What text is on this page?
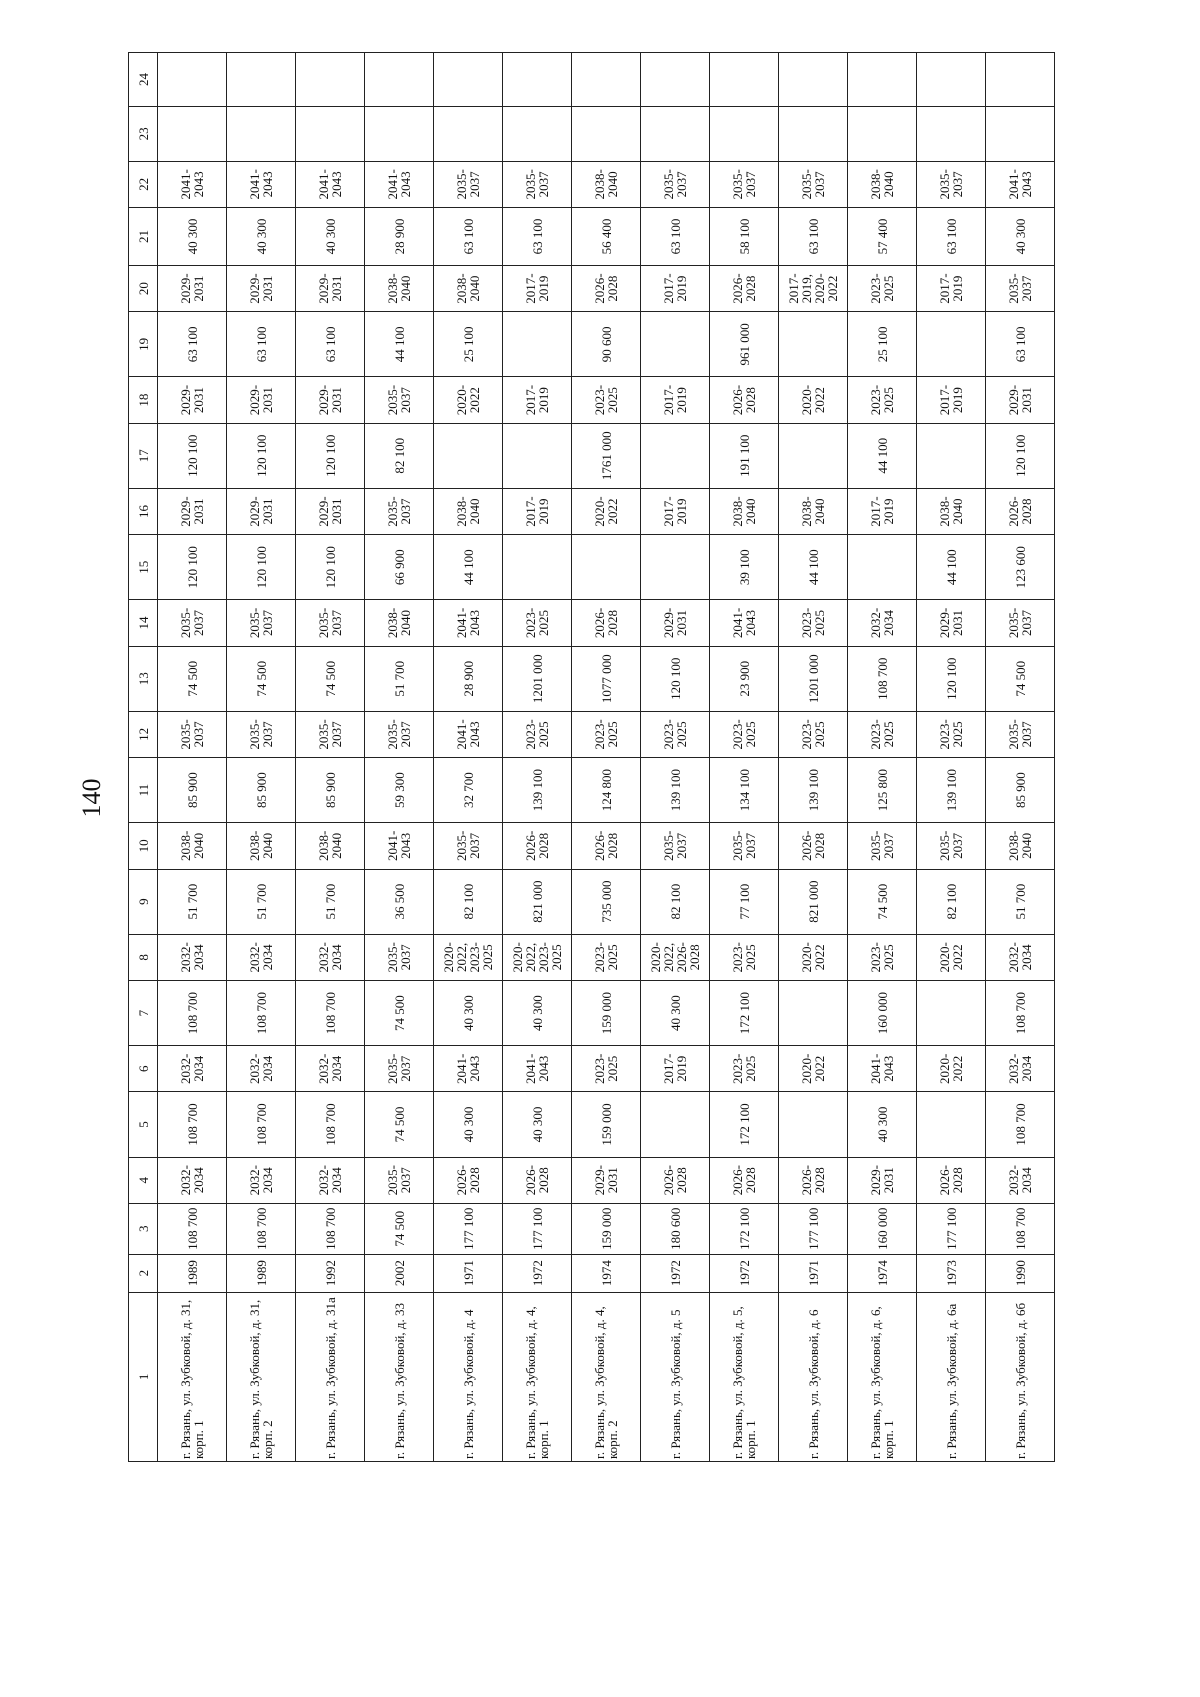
140
1	2	3	4	5	6	7	8	9	10	11	12	13	14	15	16	17	18	19	20	21	22	23	24
г. Рязань, ул. Зубковой, д. 31, корп. 1	1989	108 700	2032-2034	108 700	2032-2034	108 700	2032-2034	51 700	2038-2040	85 900	2035-2037	74 500	2035-2037	120 100	2029-2031	120 100	2029-2031	63 100	2029-2031	40 300	2041-2043		
г. Рязань, ул. Зубковой, д. 31, корп. 2	1989	108 700	2032-2034	108 700	2032-2034	108 700	2032-2034	51 700	2038-2040	85 900	2035-2037	74 500	2035-2037	120 100	2029-2031	120 100	2029-2031	63 100	2029-2031	40 300	2041-2043		
г. Рязань, ул. Зубковой, д. 31а	1992	108 700	2032-2034	108 700	2032-2034	108 700	2032-2034	51 700	2038-2040	85 900	2035-2037	74 500	2035-2037	120 100	2029-2031	120 100	2029-2031	63 100	2029-2031	40 300	2041-2043		
г. Рязань, ул. Зубковой, д. 33	2002	74 500	2035-2037	74 500	2035-2037	74 500	2035-2037	36 500	2041-2043	59 300	2035-2037	51 700	2038-2040	66 900	2035-2037	82 100	2035-2037	44 100	2038-2040	28 900	2041-2043		
г. Рязань, ул. Зубковой, д. 4	1971	177 100	2026-2028	40 300	2041-2043	40 300	2020-2022, 2023-2025	82 100	2035-2037	32 700	2041-2043	28 900	2041-2043	44 100	2038-2040		2020-2022	25 100	2038-2040	63 100	2035-2037		
г. Рязань, ул. Зубковой, д. 4, корп. 1	1972	177 100	2026-2028	40 300	2041-2043	40 300	2020-2022, 2023-2025	821 000	2026-2028	139 100	2023-2025	1201 000	2023-2025		2017-2019		2017-2019		2017-2019	63 100	2035-2037		
г. Рязань, ул. Зубковой, д. 4, корп. 2	1974	159 000	2029-2031	159 000	2023-2025	159 000	2023-2025	735 000	2026-2028	124 800	2023-2025	1077 000	2026-2028		2020-2022	1761 000	2023-2025	90 600	2026-2028	56 400	2038-2040		
г. Рязань, ул. Зубковой, д. 5	1972	180 600	2026-2028		2017-2019	40 300	2020-2022, 2026-2028	82 100	2035-2037	139 100	2023-2025	120 100	2029-2031		2017-2019		2017-2019		2017-2019	63 100	2035-2037		
г. Рязань, ул. Зубковой, д. 5, корп. 1	1972	172 100	2026-2028	172 100	2023-2025	172 100	2023-2025	77 100	2035-2037	134 100	2023-2025	23 900	2041-2043	39 100	2038-2040	191 100	2026-2028	961 000	2026-2028	58 100	2035-2037		
г. Рязань, ул. Зубковой, д. 6	1971	177 100	2026-2028		2020-2022		2020-2022	821 000	2026-2028	139 100	2023-2025	1201 000	2023-2025	44 100	2038-2040		2020-2022		2017-2019, 2020-2022	63 100	2035-2037		
г. Рязань, ул. Зубковой, д. 6, корп. 1	1974	160 000	2029-2031	40 300	2041-2043	160 000	2023-2025	74 500	2035-2037	125 800	2023-2025	108 700	2032-2034		2017-2019	44 100	2023-2025	25 100	2023-2025	57 400	2038-2040		
г. Рязань, ул. Зубковой, д. 6а	1973	177 100	2026-2028		2020-2022		2020-2022	82 100	2035-2037	139 100	2023-2025	120 100	2029-2031	44 100	2038-2040		2017-2019		2017-2019	63 100	2035-2037		
г. Рязань, ул. Зубковой, д. 6б	1990	108 700	2032-2034	108 700	2032-2034	108 700	2032-2034	51 700	2038-2040	85 900	2035-2037	74 500	2035-2037	123 600	2026-2028	120 100	2029-2031	63 100	2035-2037	40 300	2041-2043		
